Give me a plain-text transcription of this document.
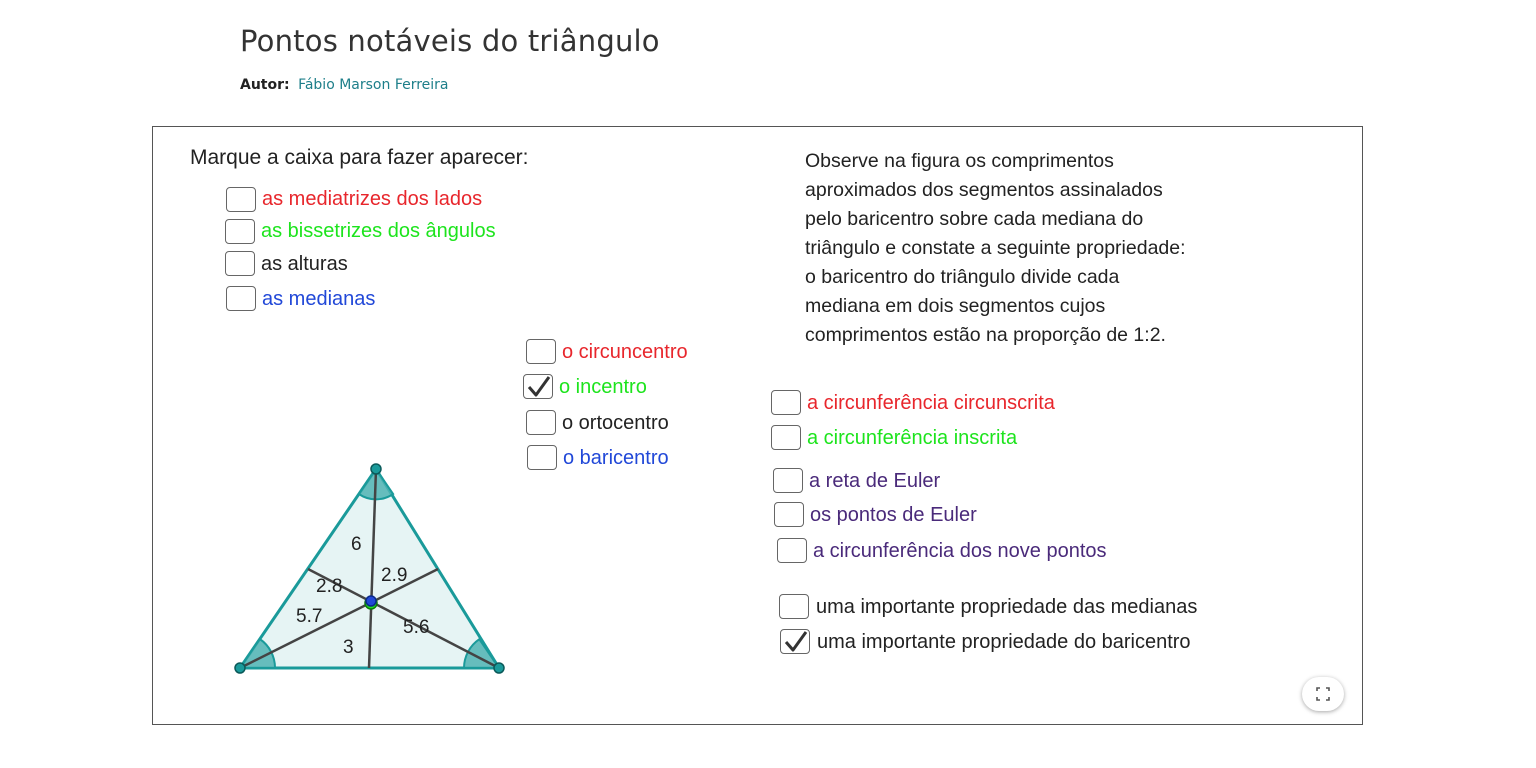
Pontos notáveis do triângulo
Autor: Fábio Marson Ferreira
Marque a caixa para fazer aparecer:
as mediatrizes dos lados
as bissetrizes dos ângulos
as alturas
as medianas
o circuncentro
o incentro
o ortocentro
o baricentro
Observe na figura os comprimentos
aproximados dos segmentos assinalados
pelo baricentro sobre cada mediana do
triângulo e constate a seguinte propriedade:
o baricentro do triângulo divide cada
mediana em dois segmentos cujos
comprimentos estão na proporção de 1:2.
a circunferência circunscrita
a circunferência inscrita
a reta de Euler
os pontos de Euler
a circunferência dos nove pontos
uma importante propriedade das medianas
uma importante propriedade do baricentro
6
2.8
2.9
5.7
5.6
3
